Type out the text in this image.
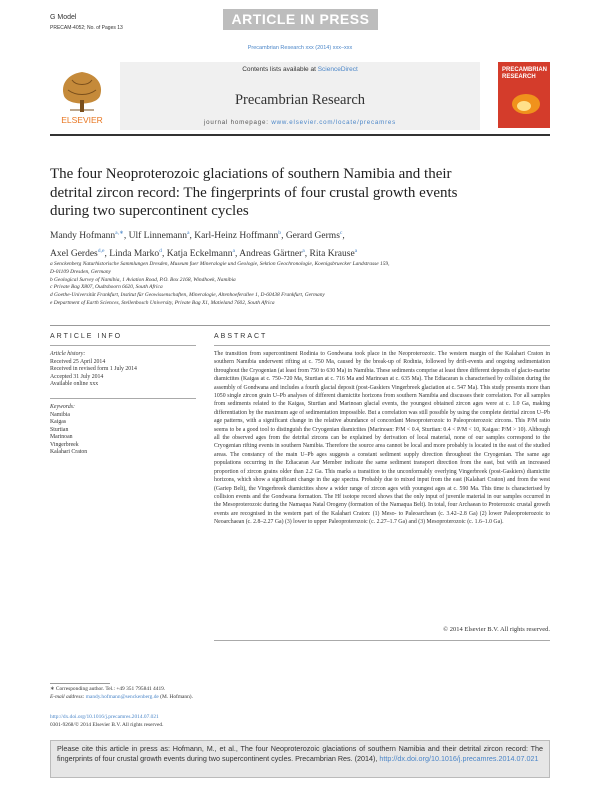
G Model
PRECAM-4052; No. of Pages 13
ARTICLE IN PRESS
Precambrian Research xxx (2014) xxx–xxx
ELSEVIER
Contents lists available at ScienceDirect
Precambrian Research
journal homepage: www.elsevier.com/locate/precamres
PRECAMBRIAN
RESEARCH
The four Neoproterozoic glaciations of southern Namibia and their
detrital zircon record: The fingerprints of four crustal growth events
during two supercontinent cycles
Mandy Hofmann$^{a,∗}$, Ulf Linnemann$^a$, Karl-Heinz Hoffmann$^b$, Gerard Germs$^c$,
Axel Gerdes$^{d,e}$, Linda Marko$^d$, Katja Eckelmann$^a$, Andreas Gärtner$^a$, Rita Krause$^a$
a Senckenberg Naturhistorische Sammlungen Dresden, Museum fuer Mineralogie und Geologie, Sektion Geochronologie, Koenigsbruecker Landstrasse 159,
D-01109 Dresden, Germany
b Geological Survey of Namibia, 1 Aviation Road, P.O. Box 2168, Windhoek, Namibia
c Private Bag X807, Oudtshoorn 6620, South Africa
d Goethe-Universität Frankfurt, Institut für Geowissenschaften, Mineralogie, Altenhoeferallee 1, D-60438 Frankfurt, Germany
e Department of Earth Sciences, Stellenbosch University, Private Bag X1, Matieland 7602, South Africa
ARTICLE INFO	ABSTRACT
Article history:
Received 25 April 2014
Received in revised form 1 July 2014
Accepted 31 July 2014
Available online xxx
Keywords:
Namibia
Kaigas
Sturtian
Marinoan
Vingerbreek
Kalahari Craton
The transition from supercontinent Rodinia to Gondwana took place in the Neoproterozoic. The western margin of the Kalahari Craton in southern Namibia underwent rifting at c. 750 Ma, caused by the break-up of Rodinia, followed by drift-events and ongoing sedimentation throughout the Cryogenian (at least from 750 to 630 Ma) in Namibia. These sediments comprise at least three different deposits of glacio-marine diamictites (Kaigas at c. 750–720 Ma, Sturtian at c. 716 Ma and Marinoan at c. 635 Ma). The Ediacaran is characterised by collision during the assembly of Gondwana and includes a fourth glacial deposit (post-Gaskiers Vingerbreek glaciation at c. 547 Ma). This study presents more than 1050 single zircon grain U–Pb analyses of different diamictite horizons from southern Namibia and discusses their correlation. For all samples from sediments related to the Kaigas, Sturtian and Marinoan glacial events, the youngest obtained zircon ages were at c. 1.0 Ga, making differentiation by the maximum age of sedimentation impossible. But a correlation was still possible by using the complete detrital zircon U–Pb age patterns, with a significant change in the relative abundance of concordant Mesoproterozoic to Paleoproterozoic zircons. This P/M ratio seems to be a good tool to distinguish the Cryogenian diamictites (Marinoan: P/M < 0.4, Sturtian: 0.4 < P/M < 10, Kaigas: P/M > 10). Although all the observed ages from the detrital zircons can be explained by derivation of local material, none of our samples correspond to the Cryogenian rifting events in southern Namibia. Therefore the source area cannot be local and more probably is located in the east of the studied areas. The constancy of the main U–Pb ages suggests a constant sediment supply direction throughout the Cryogenian. The same age populations occurring in the Ediacaran Aar Member indicate the same sediment transport direction from the east, but with an increased proportion of zircon grains older than 2.2 Ga. This marks a transition to the unconformably overlying Vingerbreek (post-Gaskiers) diamictite horizons, which show a significant change in the age spectra. Probably due to mixed input from the east (Kalahari Craton) and from the west (Gariep Belt), the Vingerbreek diamictites show a wider range of zircon ages with youngest ages at c. 590 Ma. This time is characterised by collision events and the Gondwana formation. The Hf isotope record shows that the only input of juvenile material in our samples occurred in the Mesoproterozoic during the Namaqua Natal Orogeny (formation of the Namaqua Belt). In total, four Archaean to Proterozoic crustal growth events are recognised in the western part of the Kalahari Craton: (1) Meso- to Paleoarchean (c. 3.42–2.8 Ga) (2) lower Paleoproterozoic to Neoarchaean (c. 2.8–2.27 Ga) (3) lower to upper Paleoproterozoic (c. 2.27–1.7 Ga) and (3) Mesoproterozoic (c. 1.6–1.0 Ga).
© 2014 Elsevier B.V. All rights reserved.
∗ Corresponding author. Tel.: +49 351 795841 4419.
E-mail address: mandy.hofmann@senckenberg.de (M. Hofmann).
http://dx.doi.org/10.1016/j.precamres.2014.07.021
0301-9268/© 2014 Elsevier B.V. All rights reserved.
Please cite this article in press as: Hofmann, M., et al., The four Neoproterozoic glaciations of southern Namibia and their detrital zircon record: The fingerprints of four crustal growth events during two supercontinent cycles. Precambrian Res. (2014), http://dx.doi.org/10.1016/j.precamres.2014.07.021
